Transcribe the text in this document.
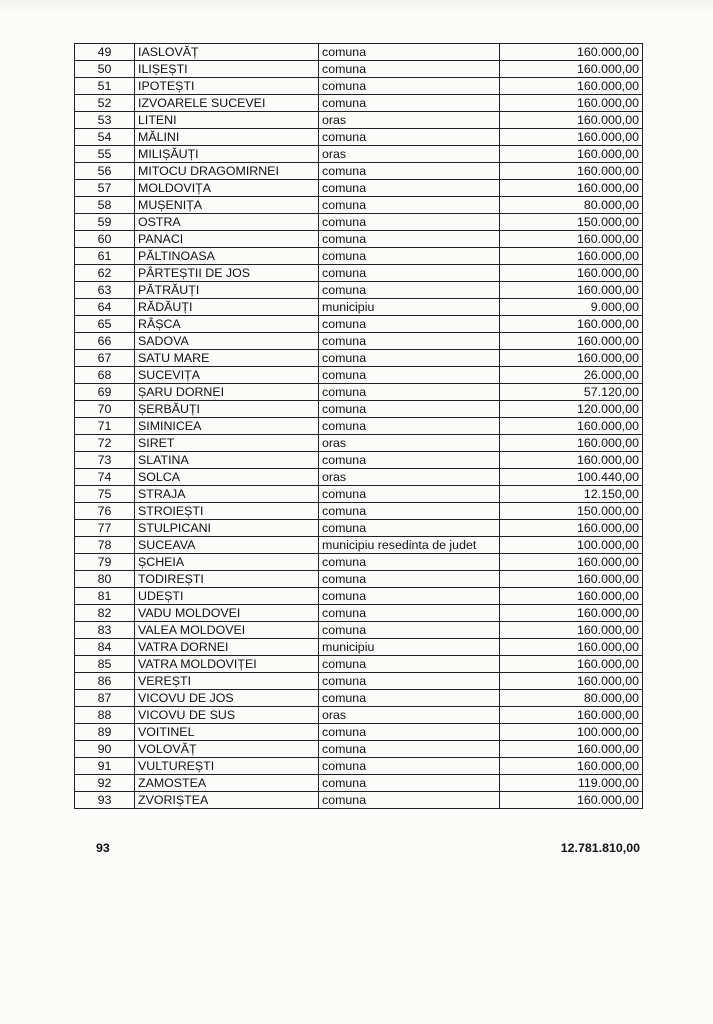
49	IASLOVĂȚ	comuna	160.000,00
50	ILIȘEȘTI	comuna	160.000,00
51	IPOTEȘTI	comuna	160.000,00
52	IZVOARELE SUCEVEI	comuna	160.000,00
53	LITENI	oras	160.000,00
54	MĂLINI	comuna	160.000,00
55	MILIȘĂUȚI	oras	160.000,00
56	MITOCU DRAGOMIRNEI	comuna	160.000,00
57	MOLDOVIȚA	comuna	160.000,00
58	MUȘENIȚA	comuna	80.000,00
59	OSTRA	comuna	150.000,00
60	PANACI	comuna	160.000,00
61	PĂLTINOASA	comuna	160.000,00
62	PÂRTEȘTII DE JOS	comuna	160.000,00
63	PĂTRĂUȚI	comuna	160.000,00
64	RĂDĂUȚI	municipiu	9.000,00
65	RÂȘCA	comuna	160.000,00
66	SADOVA	comuna	160.000,00
67	SATU MARE	comuna	160.000,00
68	SUCEVIȚA	comuna	26.000,00
69	ȘARU DORNEI	comuna	57.120,00
70	ȘERBĂUȚI	comuna	120.000,00
71	SIMINICEA	comuna	160.000,00
72	SIRET	oras	160.000,00
73	SLATINA	comuna	160.000,00
74	SOLCA	oras	100.440,00
75	STRAJA	comuna	12.150,00
76	STROIEȘTI	comuna	150.000,00
77	STULPICANI	comuna	160.000,00
78	SUCEAVA	municipiu resedinta de judet	100.000,00
79	ȘCHEIA	comuna	160.000,00
80	TODIREȘTI	comuna	160.000,00
81	UDEȘTI	comuna	160.000,00
82	VADU MOLDOVEI	comuna	160.000,00
83	VALEA MOLDOVEI	comuna	160.000,00
84	VATRA DORNEI	municipiu	160.000,00
85	VATRA MOLDOVIȚEI	comuna	160.000,00
86	VEREȘTI	comuna	160.000,00
87	VICOVU DE JOS	comuna	80.000,00
88	VICOVU DE SUS	oras	160.000,00
89	VOITINEL	comuna	100.000,00
90	VOLOVĂȚ	comuna	160.000,00
91	VULTUREȘTI	comuna	160.000,00
92	ZAMOSTEA	comuna	119.000,00
93	ZVORIȘTEA	comuna	160.000,00
93	12.781.810,00
